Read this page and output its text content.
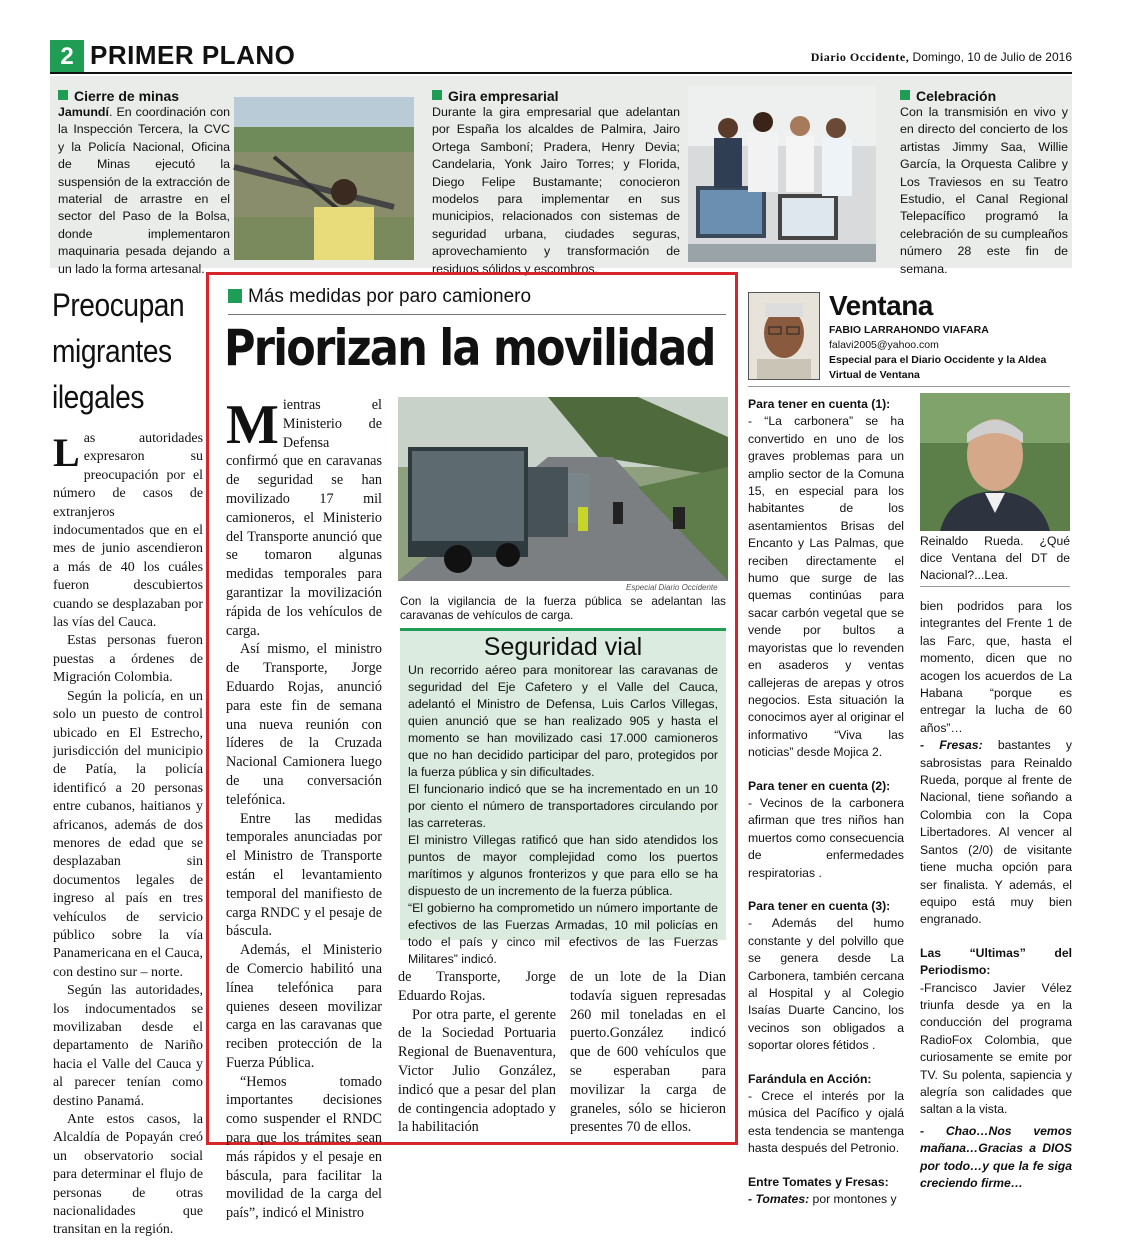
2 PRIMER PLANO	Diario Occidente, Domingo, 10 de Julio de 2016
Cierre de minas
Jamundí. En coordinación con la Inspección Tercera, la CVC y la Policía Nacional, Oficina de Minas ejecutó la suspensión de la extracción de material de arrastre en el sector del Paso de la Bolsa, donde implementaron maquinaria pesada dejando a un lado la forma artesanal.
Gira empresarial
Durante la gira empresarial que adelantan por España los alcaldes de Palmira, Jairo Ortega Samboní; Pradera, Henry Devia; Candelaria, Yonk Jairo Torres; y Florida, Diego Felipe Bustamante; conocieron modelos para implementar en sus municipios, relacionados con sistemas de seguridad urbana, ciudades seguras, aprovechamiento y transformación de residuos sólidos y escombros.
Celebración
Con la transmisión en vivo y en directo del concierto de los artistas Jimmy Saa, Willie García, la Orquesta Calibre y Los Traviesos en su Teatro Estudio, el Canal Regional Telepacífico programó la celebración de su cumpleaños número 28 este fin de semana.
Preocupan
migrantes
ilegales

Las autoridades expresaron su preocupación por el número de casos de extranjeros indocumentados que en el mes de junio ascendieron a más de 40 los cuáles fueron descubiertos cuando se desplazaban por las vías del Cauca.

Estas personas fueron puestas a órdenes de Migración Colombia.

Según la policía, en un solo un puesto de control ubicado en El Estrecho, jurisdicción del municipio de Patía, la policía identificó a 20 personas entre cubanos, haitianos y africanos, además de dos menores de edad que se desplazaban sin documentos legales de ingreso al país en tres vehículos de servicio público sobre la vía Panamericana en el Cauca, con destino sur – norte.

Según las autoridades, los indocumentados se movilizaban desde el departamento de Nariño hacia el Valle del Cauca y al parecer tenían como destino Panamá.

Ante estos casos, la Alcaldía de Popayán creó un observatorio social para determinar el flujo de personas de otras nacionalidades que transitan en la región.

Más medidas por paro camionero
Priorizan la movilidad

Mientras el Ministerio de Defensa confirmó que en caravanas de seguridad se han movilizado 17 mil camioneros, el Ministerio del Transporte anunció que se tomaron algunas medidas temporales para garantizar la movilización rápida de los vehículos de carga.

Así mismo, el ministro de Transporte, Jorge Eduardo Rojas, anunció para este fin de semana una nueva reunión con líderes de la Cruzada Nacional Camionera luego de una conversación telefónica.

Entre las medidas temporales anunciadas por el Ministro de Transporte están el levantamiento temporal del manifiesto de carga RNDC y el pesaje de báscula.

Además, el Ministerio de Comercio habilitó una línea telefónica para quienes deseen movilizar carga en las caravanas que reciben protección de la Fuerza Pública.

“Hemos tomado importantes decisiones como suspender el RNDC para que los trámites sean más rápidos y el pesaje en báscula, para facilitar la movilidad de la carga del país”, indicó el Ministro

Especial Diario Occidente
Con la vigilancia de la fuerza pública se adelantan las caravanas de vehículos de carga.
Seguridad vial

Un recorrido aéreo para monitorear las caravanas de seguridad del Eje Cafetero y el Valle del Cauca, adelantó el Ministro de Defensa, Luis Carlos Villegas, quien anunció que se han realizado 905 y hasta el momento se han movilizado casi 17.000 camioneros que no han decidido participar del paro, protegidos por la fuerza pública y sin dificultades.

El funcionario indicó que se ha incrementado en un 10 por ciento el número de transportadores circulando por las carreteras.

El ministro Villegas ratificó que han sido atendidos los puntos de mayor complejidad como los puertos marítimos y algunos fronterizos y que para ello se ha dispuesto de un incremento de la fuerza pública.

“El gobierno ha comprometido un número importante de efectivos de las Fuerzas Armadas, 10 mil policías en todo el país y cinco mil efectivos de las Fuerzas Militares” indicó.

de Transporte, Jorge Eduardo Rojas.

Por otra parte, el gerente de la Sociedad Portuaria Regional de Buenaventura, Victor Julio González, indicó que a pesar del plan de contingencia adoptado y la habilitación

de un lote de la Dian todavía siguen represadas 260 mil toneladas en el puerto.González indicó que de 600 vehículos que se esperaban para movilizar la carga de graneles, sólo se hicieron presentes 70 de ellos.

Ventana
FABIO LARRAHONDO VIAFARA
falavi2005@yahoo.com
Especial para el Diario Occidente y la Aldea Virtual de Ventana
Para tener en cuenta (1):
- “La carbonera” se ha convertido en uno de los graves problemas para un amplio sector de la Comuna 15, en especial para los habitantes de los asentamientos Brisas del Encanto y Las Palmas, que reciben directamente el humo que surge de las quemas continúas para sacar carbón vegetal que se vende por bultos a mayoristas que lo revenden en asaderos y ventas callejeras de arepas y otros negocios. Esta situación la conocimos ayer al originar el informativo “Viva las noticias” desde Mojica 2.
Para tener en cuenta (2):
- Vecinos de la carbonera afirman que tres niños han muertos como consecuencia de enfermedades respiratorias .
Para tener en cuenta (3):
- Además del humo constante y del polvillo que se genera desde La Carbonera, también cercana al Hospital y al Colegio Isaías Duarte Cancino, los vecinos son obligados a soportar olores fétidos .
Farándula en Acción:
- Crece el interés por la música del Pacífico y ojalá esta tendencia se mantenga hasta después del Petronio.
Entre Tomates y Fresas:
- Tomates: por montones y
Reinaldo Rueda. ¿Qué dice Ventana del DT de Nacional?...Lea.
bien podridos para los integrantes del Frente 1 de las Farc, que, hasta el momento, dicen que no acogen los acuerdos de La Habana “porque es entregar la lucha de 60 años”…
- Fresas: bastantes y sabrosistas para Reinaldo Rueda, porque al frente de Nacional, tiene soñando a Colombia con la Copa Libertadores. Al vencer al Santos (2/0) de visitante tiene mucha opción para ser finalista. Y además, el equipo está muy bien engranado.
Las “Ultimas” del Periodismo:
-Francisco Javier Vélez triunfa desde ya en la conducción del programa RadioFox Colombia, que curiosamente se emite por TV. Su polenta, sapiencia y alegría son calidades que saltan a la vista.
- Chao…Nos vemos mañana…Gracias a DIOS por todo…y que la fe siga creciendo firme…
